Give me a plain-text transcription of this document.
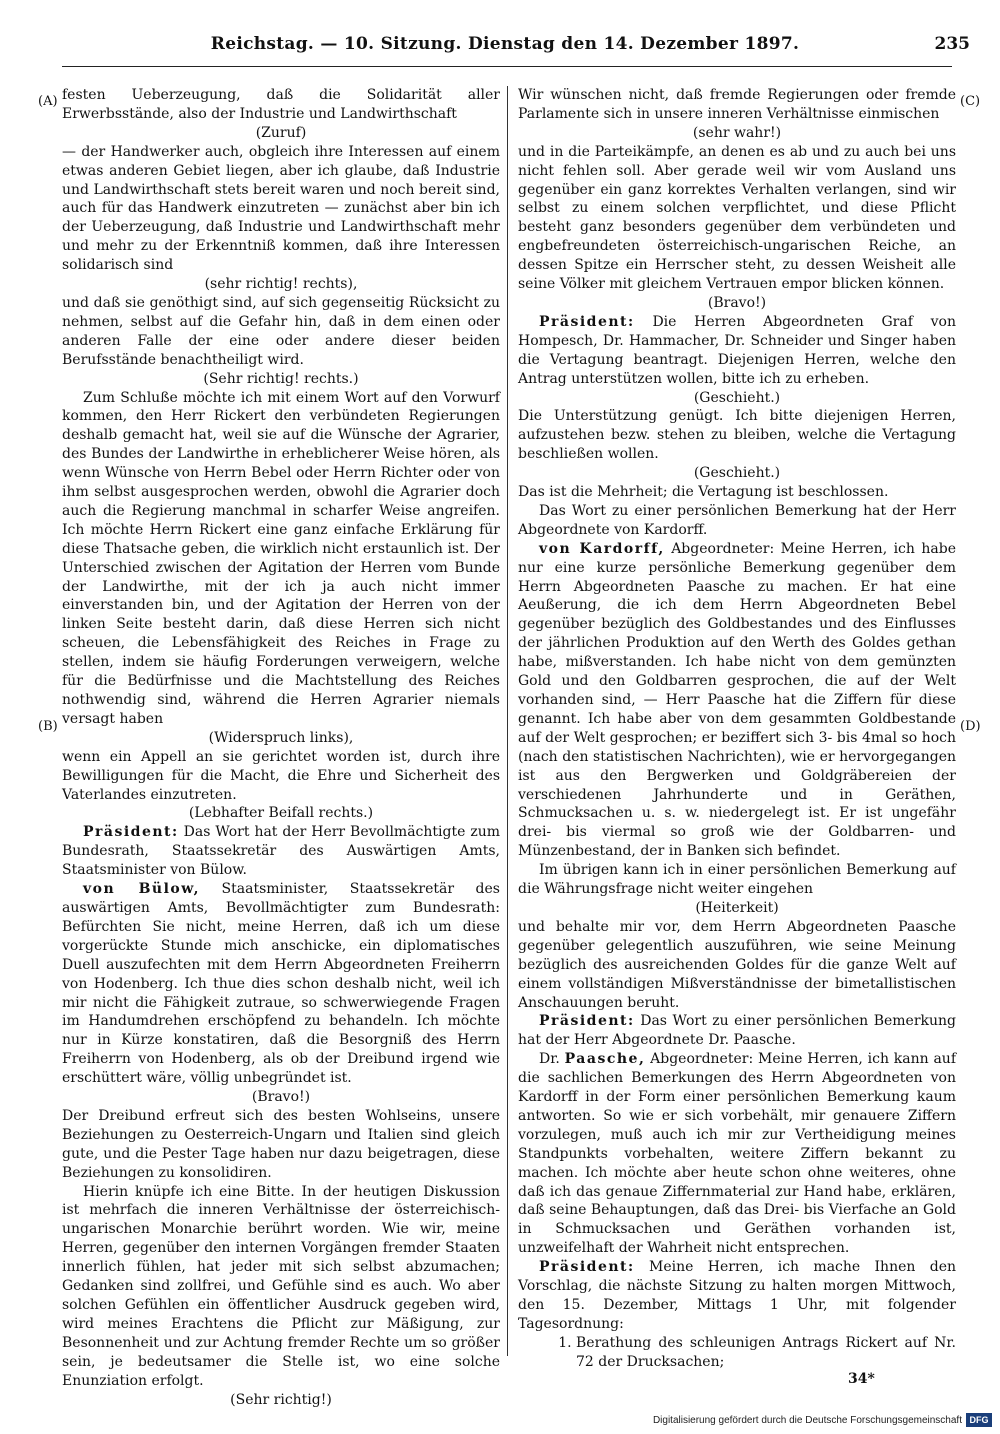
Reichstag. — 10. Sitzung. Dienstag den 14. Dezember 1897.	235
(A)
(B)
(C)
(D)

festen Ueberzeugung, daß die Solidarität aller Erwerbsstände, also der Industrie und Landwirthschaft

(Zuruf)

— der Handwerker auch, obgleich ihre Interessen auf einem etwas anderen Gebiet liegen, aber ich glaube, daß Industrie und Landwirthschaft stets bereit waren und noch bereit sind, auch für das Handwerk einzutreten — zunächst aber bin ich der Ueberzeugung, daß Industrie und Landwirthschaft mehr und mehr zu der Erkenntniß kommen, daß ihre Interessen solidarisch sind

(sehr richtig! rechts),

und daß sie genöthigt sind, auf sich gegenseitig Rücksicht zu nehmen, selbst auf die Gefahr hin, daß in dem einen oder anderen Falle der eine oder andere dieser beiden Berufsstände benachtheiligt wird.

(Sehr richtig! rechts.)

Zum Schluße möchte ich mit einem Wort auf den Vorwurf kommen, den Herr Rickert den verbündeten Regierungen deshalb gemacht hat, weil sie auf die Wünsche der Agrarier, des Bundes der Landwirthe in erheblicherer Weise hören, als wenn Wünsche von Herrn Bebel oder Herrn Richter oder von ihm selbst ausgesprochen werden, obwohl die Agrarier doch auch die Regierung manchmal in scharfer Weise angreifen. Ich möchte Herrn Rickert eine ganz einfache Erklärung für diese Thatsache geben, die wirklich nicht erstaunlich ist. Der Unterschied zwischen der Agitation der Herren vom Bunde der Landwirthe, mit der ich ja auch nicht immer einverstanden bin, und der Agitation der Herren von der linken Seite besteht darin, daß diese Herren sich nicht scheuen, die Lebensfähigkeit des Reiches in Frage zu stellen, indem sie häufig Forderungen verweigern, welche für die Bedürfnisse und die Machtstellung des Reiches nothwendig sind, während die Herren Agrarier niemals versagt haben

(Widerspruch links),

wenn ein Appell an sie gerichtet worden ist, durch ihre Bewilligungen für die Macht, die Ehre und Sicherheit des Vaterlandes einzutreten.

(Lebhafter Beifall rechts.)

Präsident: Das Wort hat der Herr Bevollmächtigte zum Bundesrath, Staatssekretär des Auswärtigen Amts, Staatsminister von Bülow.

von Bülow, Staatsminister, Staatssekretär des auswärtigen Amts, Bevollmächtigter zum Bundesrath: Befürchten Sie nicht, meine Herren, daß ich um diese vorgerückte Stunde mich anschicke, ein diplomatisches Duell auszufechten mit dem Herrn Abgeordneten Freiherrn von Hodenberg. Ich thue dies schon deshalb nicht, weil ich mir nicht die Fähigkeit zutraue, so schwerwiegende Fragen im Handumdrehen erschöpfend zu behandeln. Ich möchte nur in Kürze konstatiren, daß die Besorgniß des Herrn Freiherrn von Hodenberg, als ob der Dreibund irgend wie erschüttert wäre, völlig unbegründet ist.

(Bravo!)

Der Dreibund erfreut sich des besten Wohlseins, unsere Beziehungen zu Oesterreich-Ungarn und Italien sind gleich gute, und die Pester Tage haben nur dazu beigetragen, diese Beziehungen zu konsolidiren.

Hierin knüpfe ich eine Bitte. In der heutigen Diskussion ist mehrfach die inneren Verhältnisse der österreichisch-ungarischen Monarchie berührt worden. Wie wir, meine Herren, gegenüber den internen Vorgängen fremder Staaten innerlich fühlen, hat jeder mit sich selbst abzumachen; Gedanken sind zollfrei, und Gefühle sind es auch. Wo aber solchen Gefühlen ein öffentlicher Ausdruck gegeben wird, wird meines Erachtens die Pflicht zur Mäßigung, zur Besonnenheit und zur Achtung fremder Rechte um so größer sein, je bedeutsamer die Stelle ist, wo eine solche Enunziation erfolgt.

(Sehr richtig!)

Wir wünschen nicht, daß fremde Regierungen oder fremde Parlamente sich in unsere inneren Verhältnisse einmischen

(sehr wahr!)

und in die Parteikämpfe, an denen es ab und zu auch bei uns nicht fehlen soll. Aber gerade weil wir vom Ausland uns gegenüber ein ganz korrektes Verhalten verlangen, sind wir selbst zu einem solchen verpflichtet, und diese Pflicht besteht ganz besonders gegenüber dem verbündeten und engbefreundeten österreichisch-ungarischen Reiche, an dessen Spitze ein Herrscher steht, zu dessen Weisheit alle seine Völker mit gleichem Vertrauen empor blicken können.

(Bravo!)

Präsident: Die Herren Abgeordneten Graf von Hompesch, Dr. Hammacher, Dr. Schneider und Singer haben die Vertagung beantragt. Diejenigen Herren, welche den Antrag unterstützen wollen, bitte ich zu erheben.

(Geschieht.)

Die Unterstützung genügt. Ich bitte diejenigen Herren, aufzustehen bezw. stehen zu bleiben, welche die Vertagung beschließen wollen.

(Geschieht.)

Das ist die Mehrheit; die Vertagung ist beschlossen.

Das Wort zu einer persönlichen Bemerkung hat der Herr Abgeordnete von Kardorff.

von Kardorff, Abgeordneter: Meine Herren, ich habe nur eine kurze persönliche Bemerkung gegenüber dem Herrn Abgeordneten Paasche zu machen. Er hat eine Aeußerung, die ich dem Herrn Abgeordneten Bebel gegenüber bezüglich des Goldbestandes und des Einflusses der jährlichen Produktion auf den Werth des Goldes gethan habe, mißverstanden. Ich habe nicht von dem gemünzten Gold und den Goldbarren gesprochen, die auf der Welt vorhanden sind, — Herr Paasche hat die Ziffern für diese genannt. Ich habe aber von dem gesammten Goldbestande auf der Welt gesprochen; er beziffert sich 3- bis 4mal so hoch (nach den statistischen Nachrichten), wie er hervorgegangen ist aus den Bergwerken und Goldgräbereien der verschiedenen Jahrhunderte und in Geräthen, Schmucksachen u. s. w. niedergelegt ist. Er ist ungefähr drei- bis viermal so groß wie der Goldbarren- und Münzenbestand, der in Banken sich befindet.

Im übrigen kann ich in einer persönlichen Bemerkung auf die Währungsfrage nicht weiter eingehen

(Heiterkeit)

und behalte mir vor, dem Herrn Abgeordneten Paasche gegenüber gelegentlich auszuführen, wie seine Meinung bezüglich des ausreichenden Goldes für die ganze Welt auf einem vollständigen Mißverständnisse der bimetallistischen Anschauungen beruht.

Präsident: Das Wort zu einer persönlichen Bemerkung hat der Herr Abgeordnete Dr. Paasche.

Dr. Paasche, Abgeordneter: Meine Herren, ich kann auf die sachlichen Bemerkungen des Herrn Abgeordneten von Kardorff in der Form einer persönlichen Bemerkung kaum antworten. So wie er sich vorbehält, mir genauere Ziffern vorzulegen, muß auch ich mir zur Vertheidigung meines Standpunkts vorbehalten, weitere Ziffern bekannt zu machen. Ich möchte aber heute schon ohne weiteres, ohne daß ich das genaue Ziffernmaterial zur Hand habe, erklären, daß seine Behauptungen, daß das Drei- bis Vierfache an Gold in Schmucksachen und Geräthen vorhanden ist, unzweifelhaft der Wahrheit nicht entsprechen.

Präsident: Meine Herren, ich mache Ihnen den Vorschlag, die nächste Sitzung zu halten morgen Mittwoch, den 15. Dezember, Mittags 1 Uhr, mit folgender Tagesordnung:

1. Berathung des schleunigen Antrags Rickert auf Nr. 72 der Drucksachen;
34*
Digitalisierung gefördert durch die Deutsche Forschungsgemeinschaft DFG
